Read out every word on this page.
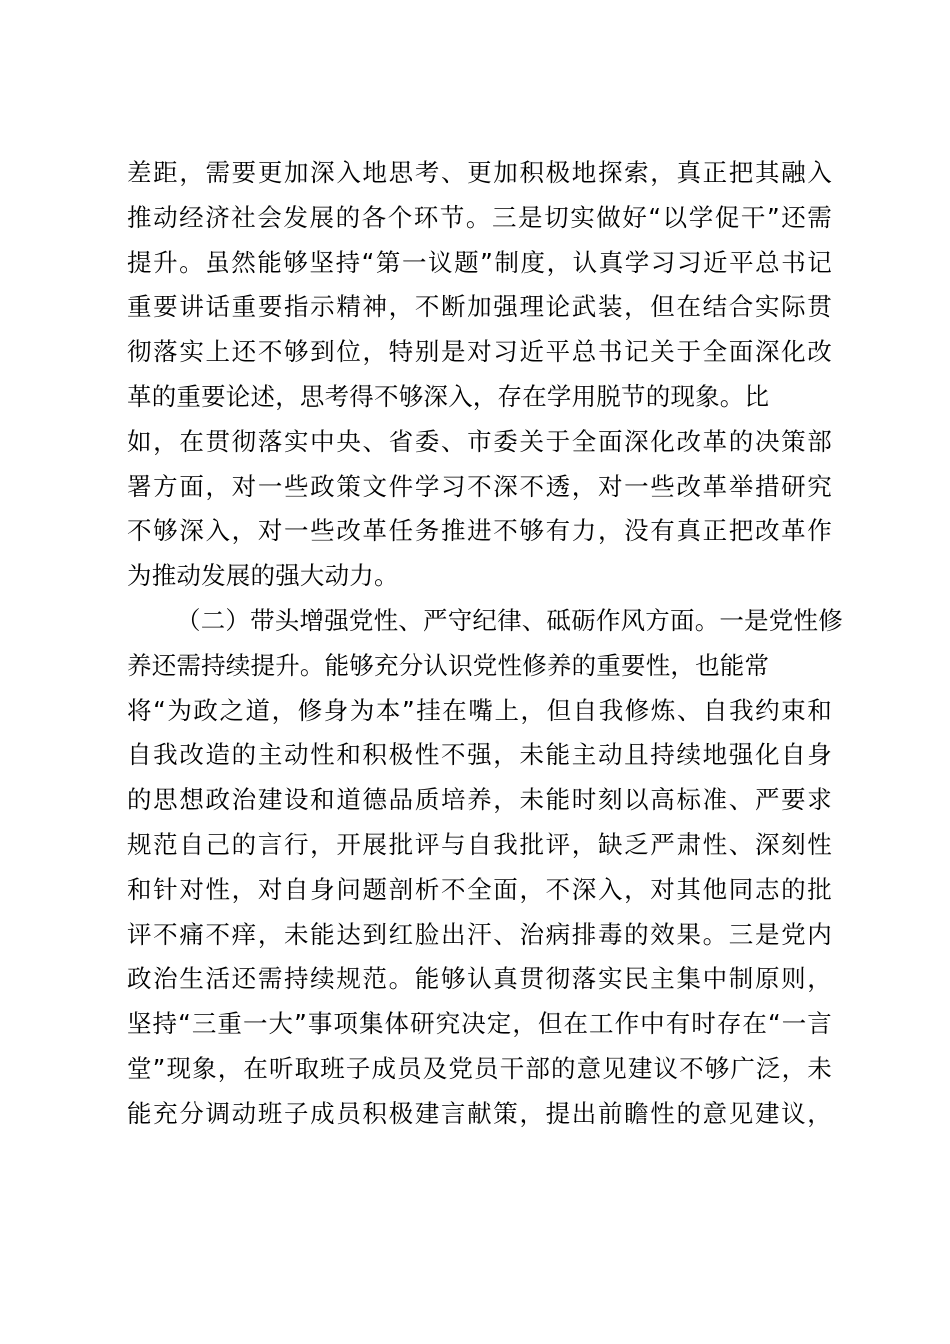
差距，需要更加深入地思考、更加积极地探索，真正把其融入
推动经济社会发展的各个环节。三是切实做好“以学促干”还需
提升。虽然能够坚持“第一议题”制度，认真学习习近平总书记
重要讲话重要指示精神，不断加强理论武装，但在结合实际贯
彻落实上还不够到位，特别是对习近平总书记关于全面深化改
革的重要论述，思考得不够深入，存在学用脱节的现象。比
如，在贯彻落实中央、省委、市委关于全面深化改革的决策部
署方面，对一些政策文件学习不深不透，对一些改革举措研究
不够深入，对一些改革任务推进不够有力，没有真正把改革作
为推动发展的强大动力。
（二）带头增强党性、严守纪律、砥砺作风方面。一是党性修
养还需持续提升。能够充分认识党性修养的重要性，也能常
将“为政之道，修身为本”挂在嘴上，但自我修炼、自我约束和
自我改造的主动性和积极性不强，未能主动且持续地强化自身
的思想政治建设和道德品质培养，未能时刻以高标准、严要求
规范自己的言行，开展批评与自我批评，缺乏严肃性、深刻性
和针对性，对自身问题剖析不全面，不深入，对其他同志的批
评不痛不痒，未能达到红脸出汗、治病排毒的效果。三是党内
政治生活还需持续规范。能够认真贯彻落实民主集中制原则，
坚持“三重一大”事项集体研究决定，但在工作中有时存在“一言
堂”现象，在听取班子成员及党员干部的意见建议不够广泛，未
能充分调动班子成员积极建言献策，提出前瞻性的意见建议，
